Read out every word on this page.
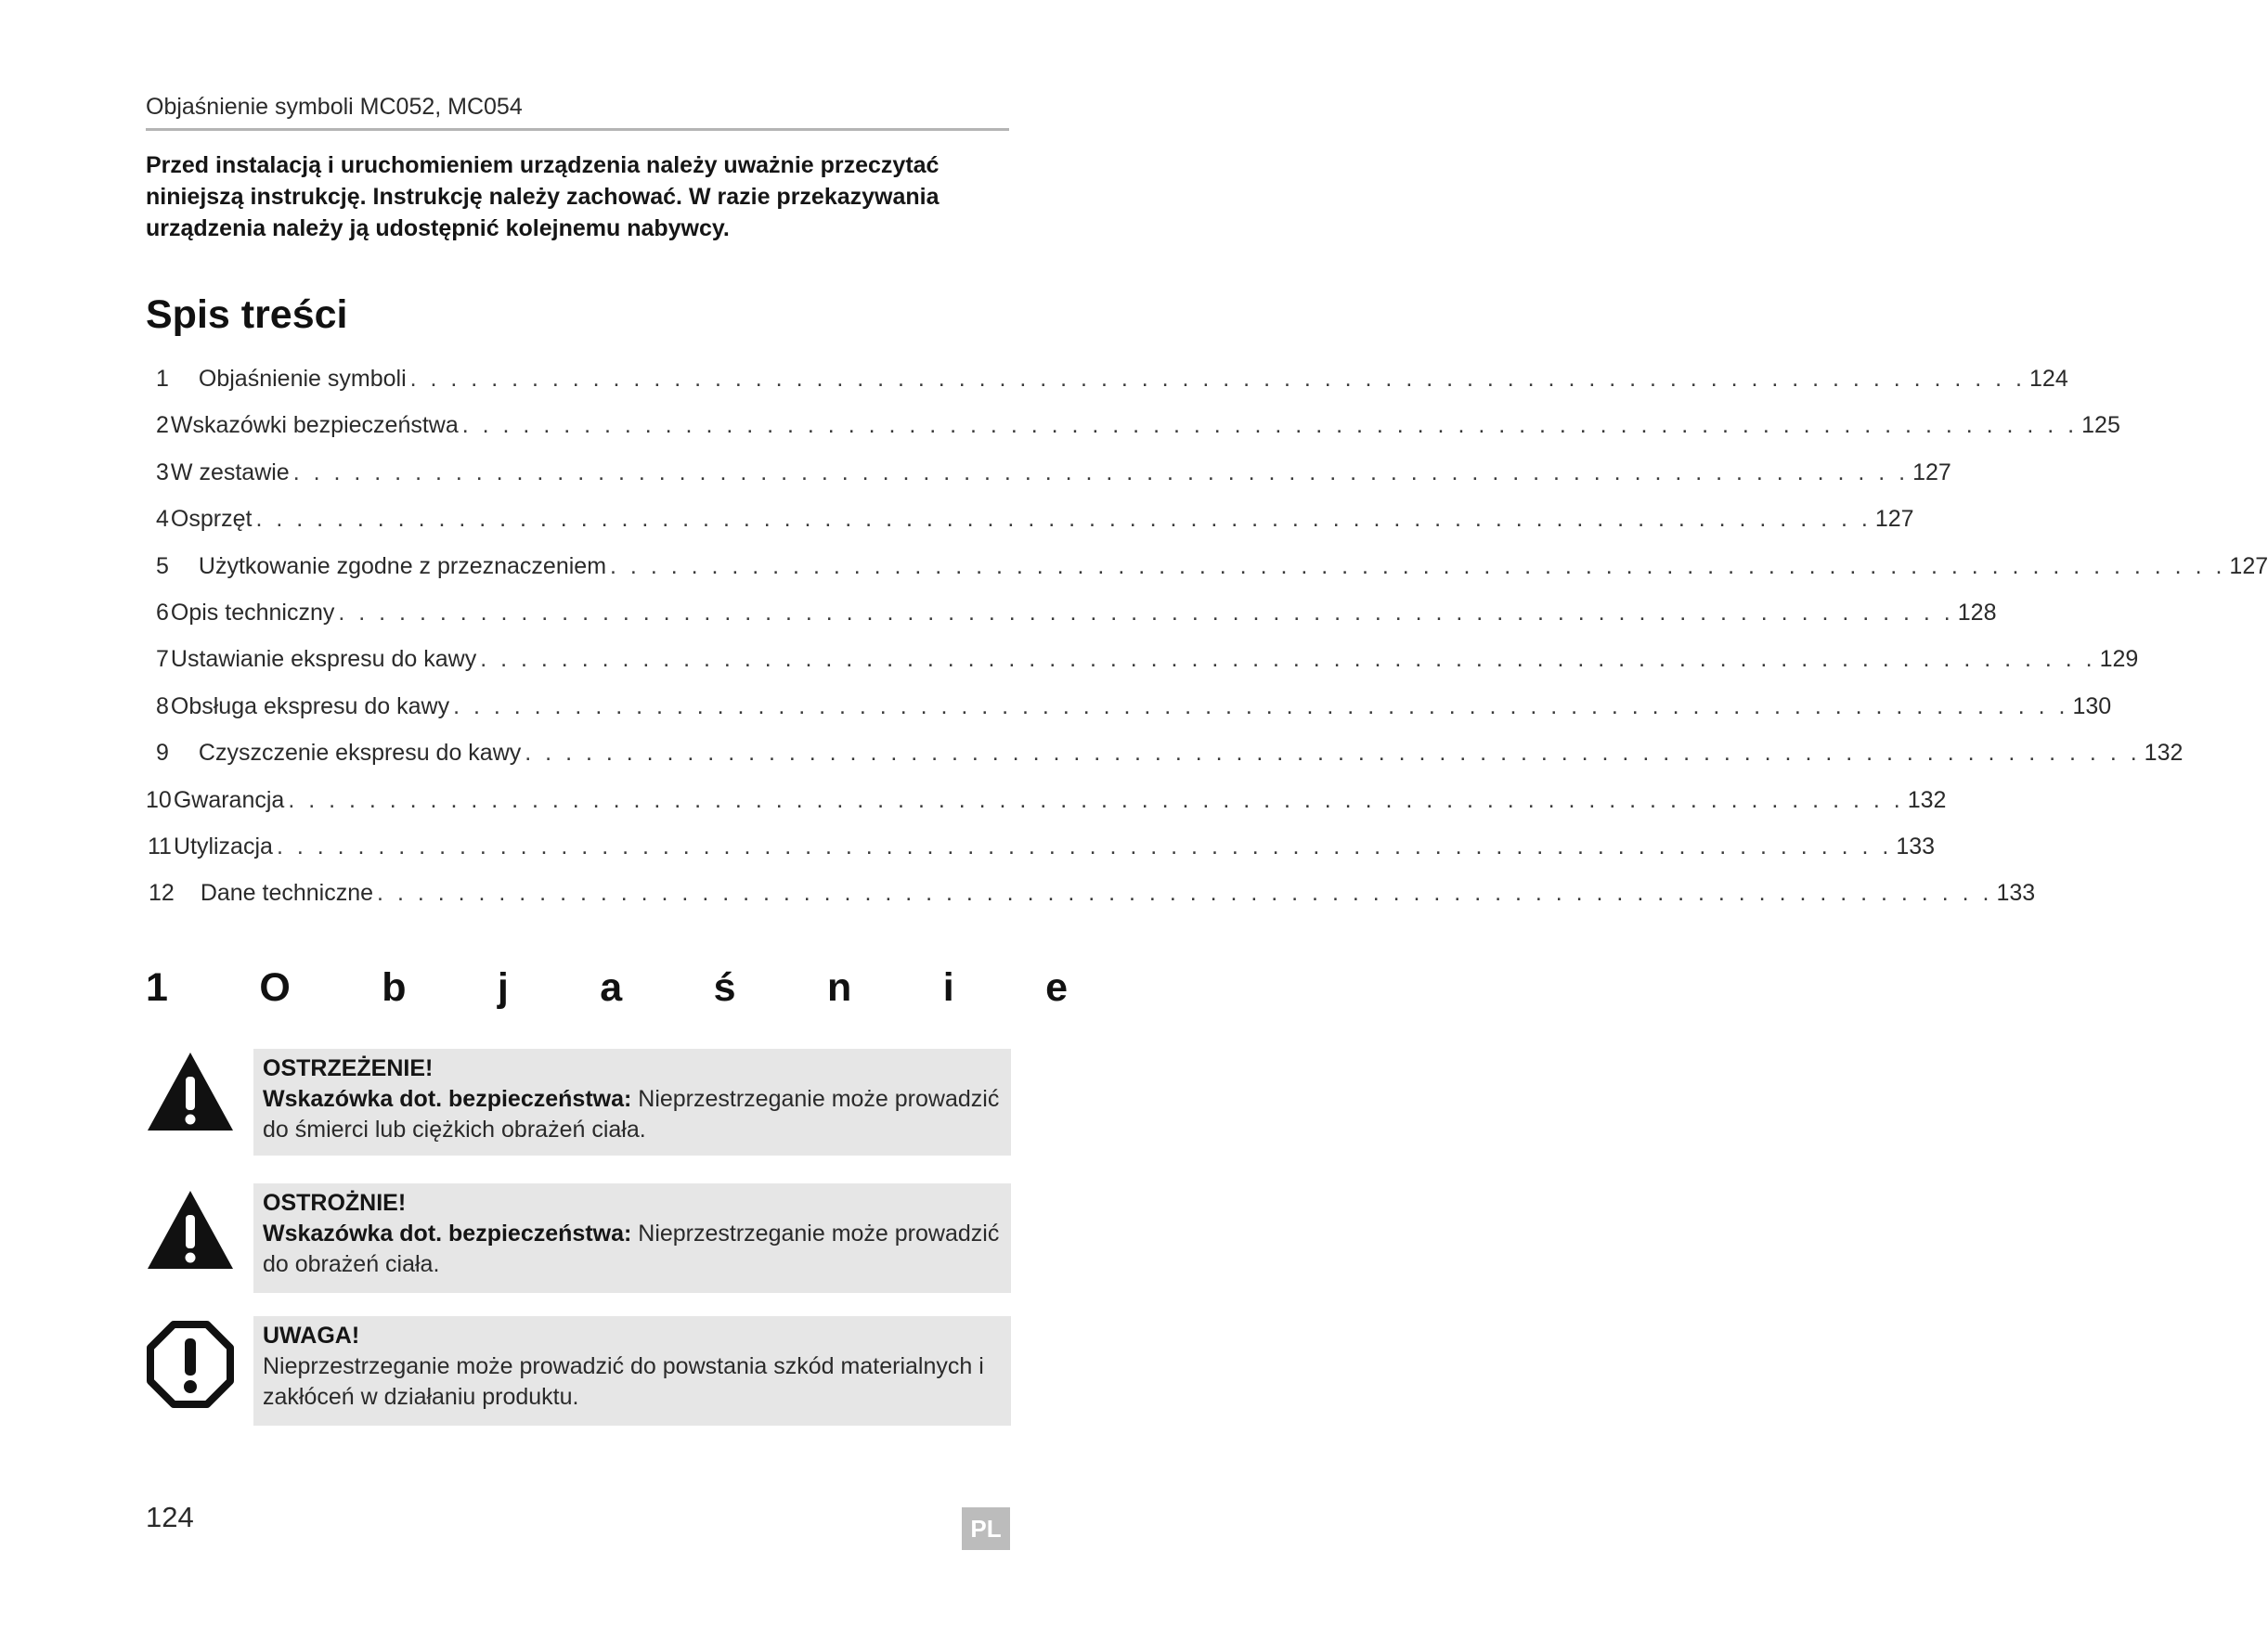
Objaśnienie symboli MC052, MC054
Przed instalacją i uruchomieniem urządzenia należy uważnie przeczytać niniejszą instrukcję. Instrukcję należy zachować. W razie przekazywania urządzenia należy ją udostępnić kolejnemu nabywcy.
Spis treści
1 Objaśnienie symboli . . . . . . . . . . . . . . . . . . . . . . . . . . . . . . . . . . . . . . . . . . . . . . . . . . . . . . . . . . . . . . . . . . . . . . . . . . . . . . . . 124
2 Wskazówki bezpieczeństwa . . . . . . . . . . . . . . . . . . . . . . . . . . . . . . . . . . . . . . . . . . . . . . . . . . . . . . . . . . . . . . . . . . . . . . . . . . . . . . . . 125
3 W zestawie . . . . . . . . . . . . . . . . . . . . . . . . . . . . . . . . . . . . . . . . . . . . . . . . . . . . . . . . . . . . . . . . . . . . . . . . . . . . . . . . 127
4 Osprzęt . . . . . . . . . . . . . . . . . . . . . . . . . . . . . . . . . . . . . . . . . . . . . . . . . . . . . . . . . . . . . . . . . . . . . . . . . . . . . . . . 127
5 Użytkowanie zgodne z przeznaczeniem . . . . . . . . . . . . . . . . . . . . . . . . . . . . . . . . . . . . . . . . . . . . . . . . . . . . . . . . . . . . . . . . . . . . . . . . . . . . . . . . 127
6 Opis techniczny . . . . . . . . . . . . . . . . . . . . . . . . . . . . . . . . . . . . . . . . . . . . . . . . . . . . . . . . . . . . . . . . . . . . . . . . . . . . . . . . 128
7 Ustawianie ekspresu do kawy . . . . . . . . . . . . . . . . . . . . . . . . . . . . . . . . . . . . . . . . . . . . . . . . . . . . . . . . . . . . . . . . . . . . . . . . . . . . . . . . 129
8 Obsługa ekspresu do kawy . . . . . . . . . . . . . . . . . . . . . . . . . . . . . . . . . . . . . . . . . . . . . . . . . . . . . . . . . . . . . . . . . . . . . . . . . . . . . . . . 130
9 Czyszczenie ekspresu do kawy . . . . . . . . . . . . . . . . . . . . . . . . . . . . . . . . . . . . . . . . . . . . . . . . . . . . . . . . . . . . . . . . . . . . . . . . . . . . . . . . 132
10 Gwarancja . . . . . . . . . . . . . . . . . . . . . . . . . . . . . . . . . . . . . . . . . . . . . . . . . . . . . . . . . . . . . . . . . . . . . . . . . . . . . . . . 132
11 Utylizacja . . . . . . . . . . . . . . . . . . . . . . . . . . . . . . . . . . . . . . . . . . . . . . . . . . . . . . . . . . . . . . . . . . . . . . . . . . . . . . . . 133
12 Dane techniczne . . . . . . . . . . . . . . . . . . . . . . . . . . . . . . . . . . . . . . . . . . . . . . . . . . . . . . . . . . . . . . . . . . . . . . . . . . . . . . . . 133
1 O b j a ś n i e
OSTRZEŻENIE!
Wskazówka dot. bezpieczeństwa: Nieprzestrzeganie może prowadzić do śmierci lub ciężkich obrażeń ciała.
OSTROŻNIE!
Wskazówka dot. bezpieczeństwa: Nieprzestrzeganie może prowadzić do obrażeń ciała.
UWAGA!
Nieprzestrzeganie może prowadzić do powstania szkód materialnych i zakłóceń w działaniu produktu.
124	PL
